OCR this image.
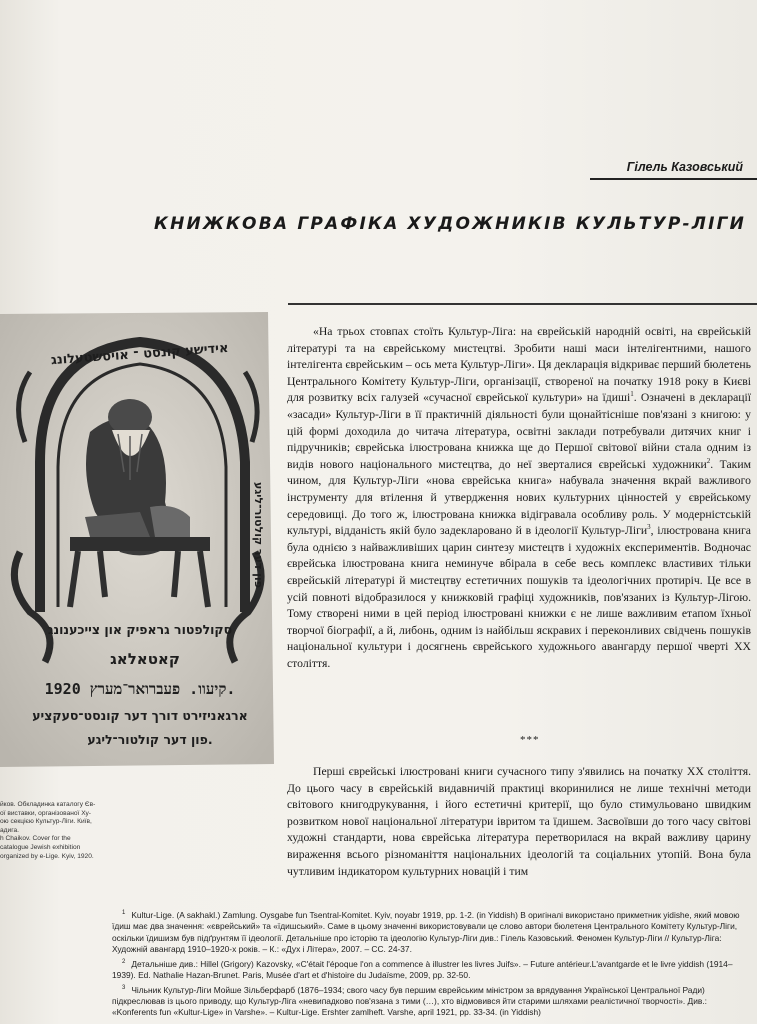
Гілель Казовський
КНИЖКОВА ГРАФІКА ХУДОЖНИКІВ КУЛЬТУР-ЛІГИ
אידישע קונסט ־ אויסשטעלונג
פון דער קולטור־ליגע
סקולפטור גראפיק און צייכענונג
קאטאלאג
קיעוו. פעברואר־מערץ 1920.
ארגאניזירט דורך דער קונסט־סעקציע
פון דער קולטור־ליגע.

йков. Обкладинка каталогу Єв- ої виставки, організованої Ху- ою секцією Культур-Ліги. Київ, адига.

h Chaikov. Cover for the catalogue Jewish exhibition organized by e-Lige. Kyiv, 1920.

«На трьох стовпах стоїть Культур-Ліга: на єврейській народній освіті, на єврейській літературі та на єврейському мистецтві. Зробити наші маси інтелігентними, нашого інтелігента єврейським – ось мета Культур-Ліги». Ця декларація відкриває перший бюлетень Центрального Комітету Культур-Ліги, організації, створеної на початку 1918 року в Києві для розвитку всіх галузей «сучасної єврейської культури» на їдиші$^1$. Означені в декларації «засади» Культур-Ліги в її практичній діяльності були щонайтісніше пов'язані з книгою: у цій формі доходила до читача література, освітні заклади потребували дитячих книг і підручників; єврейська ілюстрована книжка ще до Першої світової війни стала одним із видів нового національного мистецтва, до неї зверталися єврейські художники$^2$. Таким чином, для Культур-Ліги «нова єврейська книга» набувала значення вкрай важливого інструменту для втілення й утвердження нових культурних цінностей у єврейському середовищі. До того ж, ілюстрована книжка відігравала особливу роль. У модерністській культурі, відданість якій було задекларовано й в ідеології Культур-Ліги$^3$, ілюстрована книга була однією з найважливіших царин синтезу мистецтв і художніх експериментів. Водночас єврейська ілюстрована книга неминуче вбірала в себе весь комплекс властивих тільки єврейській літературі й мистецтву естетичних пошуків та ідеологічних протиріч. Це все в усій повноті відобразилося у книжковій графіці художників, пов'язаних із Культур-Лігою. Тому створені ними в цей період ілюстровані книжки є не лише важливим етапом їхньої творчої біографії, а й, либонь, одним із найбільш яскравих і переконливих свідчень пошуків національної культури і досягнень єврейського художнього авангарду першої чверті XX століття.

***

Перші єврейські ілюстровані книги сучасного типу з'явились на початку XX століття. До цього часу в єврейській видавничій практиці вкоринилися не лише технічні методи світового книгодрукування, і його естетичні критерії, що було стимульовано швидким розвитком нової національної літератури івритом та їдишем. Засвоївши до того часу світові художні стандарти, нова єврейська література перетворилася на вкрай важливу царину вираження всього різноманіття національних ідеологій та соціальних утопій. Вона була чутливим індикатором культурних новацій і тим

$^1$ Kultur-Lige. (A sakhakl.) Zamlung. Oysgabe fun Tsentral-Komitet. Kyiv, noyabr 1919, pp. 1-2. (in Yiddish) В оригіналі використано прикметник yidishe, який мовою їдиш має два значення: «єврейський» та «їдишський». Саме в цьому значенні використовували це слово автори бюлетеня Центрального Комітету Культур-Ліги, оскільки їдишизм був підґрунтям її ідеології. Детальніше про історію та ідеологію Культур-Ліги див.: Гілель Казовський. Феномен Культур-Ліги // Культур-Ліга: Художній авангард 1910–1920-х років. – К.: «Дух і Літера», 2007. – СС. 24-37.

$^2$ Детальніше див.: Hillel (Grigory) Kazovsky, «C'était l'époque l'on a commence à illustrer les livres Juifs». – Future antérieur.L'avantgarde et le livre yiddish (1914–1939). Ed. Nathalie Hazan-Brunet. Paris, Musée d'art et d'histoire du Judaïsme, 2009, pp. 32-50.

$^3$ Чільник Культур-Ліги Мойше Зільберфарб (1876–1934; свого часу був першим єврейським міністром за врядування Української Центральної Ради) підкреслював із цього приводу, що Культур-Ліга «невипадково пов'язана з тими (…), хто відмовився йти старими шляхами реалістичної творчості». Див.: «Konferents fun «Kultur-Lige» in Varshe». – Kultur-Lige. Ershter zamlheft. Varshe, april 1921, pp. 33-34. (in Yiddish)
